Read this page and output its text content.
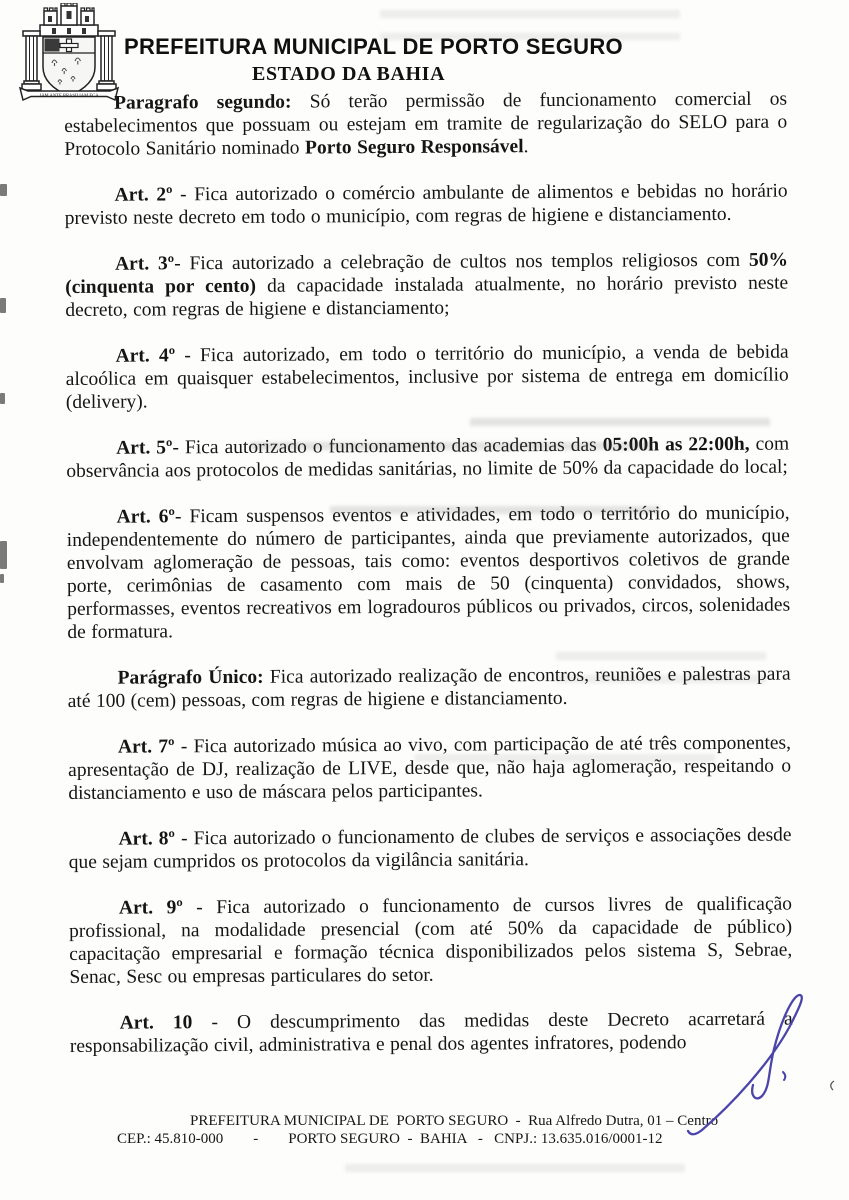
JAM ANTE BRASILIAM ECA
PREFEITURA MUNICIPAL DE PORTO SEGURO
ESTADO DA BAHIA

Paragrafo segundo: Só terão permissão de funcionamento comercial os estabelecimentos que possuam ou estejam em tramite de regularização do SELO para o Protocolo Sanitário nominado Porto Seguro Responsável.

Art. 2º - Fica autorizado o comércio ambulante de alimentos e bebidas no horário previsto neste decreto em todo o município, com regras de higiene e distanciamento.

Art. 3º- Fica autorizado a celebração de cultos nos templos religiosos com 50% (cinquenta por cento) da capacidade instalada atualmente, no horário previsto neste decreto, com regras de higiene e distanciamento;

Art. 4º - Fica autorizado, em todo o território do município, a venda de bebida alcoólica em quaisquer estabelecimentos, inclusive por sistema de entrega em domicílio (delivery).

Art. 5º- Fica autorizado o funcionamento das academias das 05:00h as 22:00h, com observância aos protocolos de medidas sanitárias, no limite de 50% da capacidade do local;

Art. 6º- Ficam suspensos eventos e atividades, em todo o território do município, independentemente do número de participantes, ainda que previamente autorizados, que envolvam aglomeração de pessoas, tais como: eventos desportivos coletivos de grande porte, cerimônias de casamento com mais de 50 (cinquenta) convidados, shows, performasses, eventos recreativos em logradouros públicos ou privados, circos, solenidades de formatura.

Parágrafo Único: Fica autorizado realização de encontros, reuniões e palestras para até 100 (cem) pessoas, com regras de higiene e distanciamento.

Art. 7º - Fica autorizado música ao vivo, com participação de até três componentes, apresentação de DJ, realização de LIVE, desde que, não haja aglomeração, respeitando o distanciamento e uso de máscara pelos participantes.

Art. 8º - Fica autorizado o funcionamento de clubes de serviços e associações desde que sejam cumpridos os protocolos da vigilância sanitária.

Art. 9º - Fica autorizado o funcionamento de cursos livres de qualificação profissional, na modalidade presencial (com até 50% da capacidade de público) capacitação empresarial e formação técnica disponibilizados pelos sistema S, Sebrae, Senac, Sesc ou empresas particulares do setor.

Art. 10 - O descumprimento das medidas deste Decreto acarretará a responsabilização civil, administrativa e penal dos agentes infratores, podendo

PREFEITURA MUNICIPAL DE  PORTO SEGURO  -  Rua Alfredo Dutra, 01 – Centro
CEP.: 45.810-000        -        PORTO SEGURO  -  BAHIA   -   CNPJ.: 13.635.016/0001-12
